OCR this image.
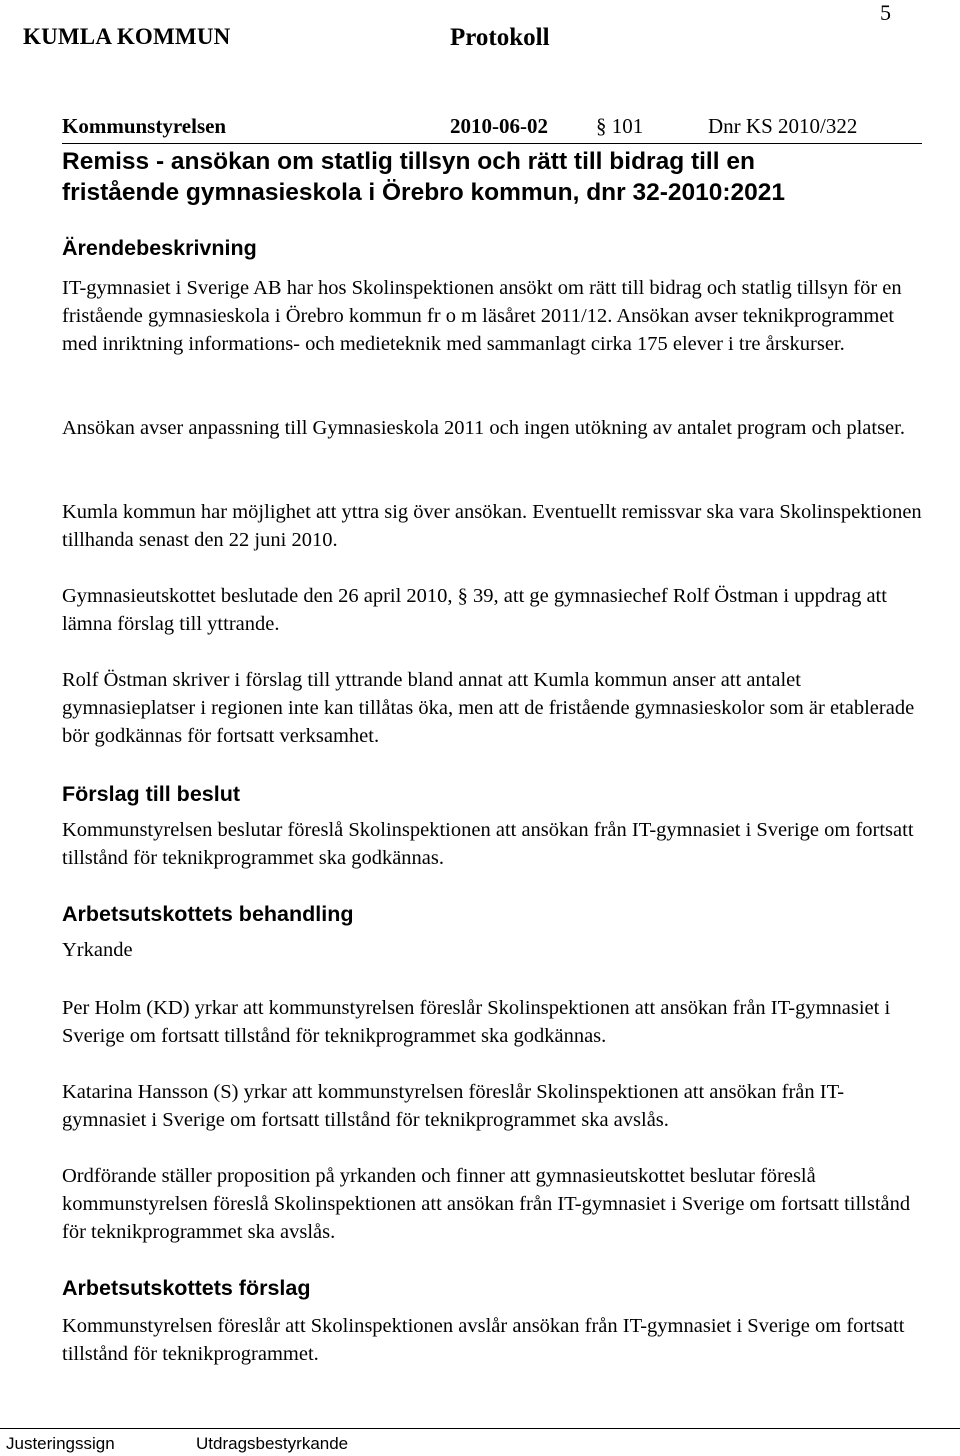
KUMLA KOMMUN	Protokoll
5
Kommunstyrelsen	2010-06-02 § 101	Dnr KS 2010/322
Remiss - ansökan om statlig tillsyn och rätt till bidrag till en
fristående gymnasieskola i Örebro kommun, dnr 32-2010:2021
Ärendebeskrivning
IT-gymnasiet i Sverige AB har hos Skolinspektionen ansökt om rätt till bidrag och statlig tillsyn för en fristående gymnasieskola i Örebro kommun fr o m läsåret 2011/12. Ansökan avser teknikprogrammet med inriktning informations- och medieteknik med sammanlagt cirka 175 elever i tre årskurser.
Ansökan avser anpassning till Gymnasieskola 2011 och ingen utökning av antalet program och platser.
Kumla kommun har möjlighet att yttra sig över ansökan. Eventuellt remissvar ska vara Skolinspektionen tillhanda senast den 22 juni 2010.
Gymnasieutskottet beslutade den 26 april 2010, § 39, att ge gymnasiechef Rolf Östman i uppdrag att lämna förslag till yttrande.
Rolf Östman skriver i förslag till yttrande bland annat att Kumla kommun anser att antalet gymnasieplatser i regionen inte kan tillåtas öka, men att de fristående gymnasieskolor som är etablerade bör godkännas för fortsatt verksamhet.
Förslag till beslut
Kommunstyrelsen beslutar föreslå Skolinspektionen att ansökan från IT-gymnasiet i Sverige om fortsatt tillstånd för teknikprogrammet ska godkännas.
Arbetsutskottets behandling
Yrkande
Per Holm (KD) yrkar att kommunstyrelsen föreslår Skolinspektionen att ansökan från IT-gymnasiet i Sverige om fortsatt tillstånd för teknikprogrammet ska godkännas.
Katarina Hansson (S) yrkar att kommunstyrelsen föreslår Skolinspektionen att ansökan från IT-gymnasiet i Sverige om fortsatt tillstånd för teknikprogrammet ska avslås.
Ordförande ställer proposition på yrkanden och finner att gymnasieutskottet beslutar föreslå kommunstyrelsen föreslå Skolinspektionen att ansökan från IT-gymnasiet i Sverige om fortsatt tillstånd för teknikprogrammet ska avslås.
Arbetsutskottets förslag
Kommunstyrelsen föreslår att Skolinspektionen avslår ansökan från IT-gymnasiet i Sverige om fortsatt tillstånd för teknikprogrammet.
Justeringssign	Utdragsbestyrkande
